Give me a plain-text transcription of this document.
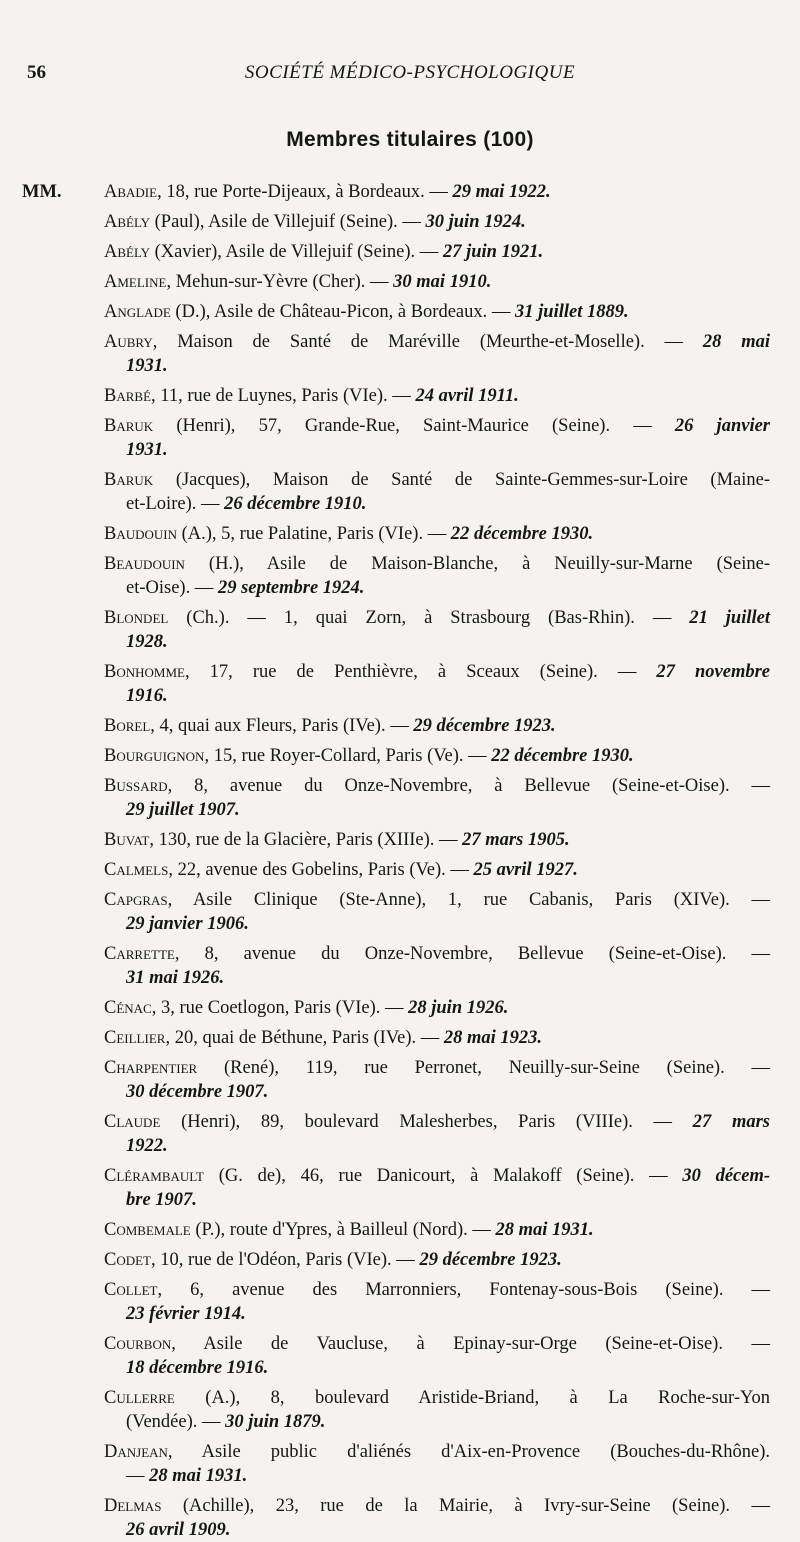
56	SOCIÉTÉ MÉDICO-PSYCHOLOGIQUE
Membres titulaires (100)
MM. Abadie, 18, rue Porte-Dijeaux, à Bordeaux. — 29 mai 1922.
Abély (Paul), Asile de Villejuif (Seine). — 30 juin 1924.
Abély (Xavier), Asile de Villejuif (Seine). — 27 juin 1921.
Ameline, Mehun-sur-Yèvre (Cher). — 30 mai 1910.
Anglade (D.), Asile de Château-Picon, à Bordeaux. — 31 juillet 1889.
Aubry, Maison de Santé de Maréville (Meurthe-et-Moselle). — 28 mai
1931.
Barbé, 11, rue de Luynes, Paris (VIe). — 24 avril 1911.
Baruk (Henri), 57, Grande-Rue, Saint-Maurice (Seine). — 26 janvier
1931.
Baruk (Jacques), Maison de Santé de Sainte-Gemmes-sur-Loire (Maine-
et-Loire). — 26 décembre 1910.
Baudouin (A.), 5, rue Palatine, Paris (VIe). — 22 décembre 1930.
Beaudouin (H.), Asile de Maison-Blanche, à Neuilly-sur-Marne (Seine-
et-Oise). — 29 septembre 1924.
Blondel (Ch.). — 1, quai Zorn, à Strasbourg (Bas-Rhin). — 21 juillet
1928.
Bonhomme, 17, rue de Penthièvre, à Sceaux (Seine). — 27 novembre
1916.
Borel, 4, quai aux Fleurs, Paris (IVe). — 29 décembre 1923.
Bourguignon, 15, rue Royer-Collard, Paris (Ve). — 22 décembre 1930.
Bussard, 8, avenue du Onze-Novembre, à Bellevue (Seine-et-Oise). —
29 juillet 1907.
Buvat, 130, rue de la Glacière, Paris (XIIIe). — 27 mars 1905.
Calmels, 22, avenue des Gobelins, Paris (Ve). — 25 avril 1927.
Capgras, Asile Clinique (Ste-Anne), 1, rue Cabanis, Paris (XIVe). —
29 janvier 1906.
Carrette, 8, avenue du Onze-Novembre, Bellevue (Seine-et-Oise). —
31 mai 1926.
Cénac, 3, rue Coetlogon, Paris (VIe). — 28 juin 1926.
Ceillier, 20, quai de Béthune, Paris (IVe). — 28 mai 1923.
Charpentier (René), 119, rue Perronet, Neuilly-sur-Seine (Seine). —
30 décembre 1907.
Claude (Henri), 89, boulevard Malesherbes, Paris (VIIIe). — 27 mars
1922.
Clérambault (G. de), 46, rue Danicourt, à Malakoff (Seine). — 30 décem-
bre 1907.
Combemale (P.), route d'Ypres, à Bailleul (Nord). — 28 mai 1931.
Codet, 10, rue de l'Odéon, Paris (VIe). — 29 décembre 1923.
Collet, 6, avenue des Marronniers, Fontenay-sous-Bois (Seine). —
23 février 1914.
Courbon, Asile de Vaucluse, à Epinay-sur-Orge (Seine-et-Oise). —
18 décembre 1916.
Cullerre (A.), 8, boulevard Aristide-Briand, à La Roche-sur-Yon
(Vendée). — 30 juin 1879.
Danjean, Asile public d'aliénés d'Aix-en-Provence (Bouches-du-Rhône).
— 28 mai 1931.
Delmas (Achille), 23, rue de la Mairie, à Ivry-sur-Seine (Seine). —
26 avril 1909.
